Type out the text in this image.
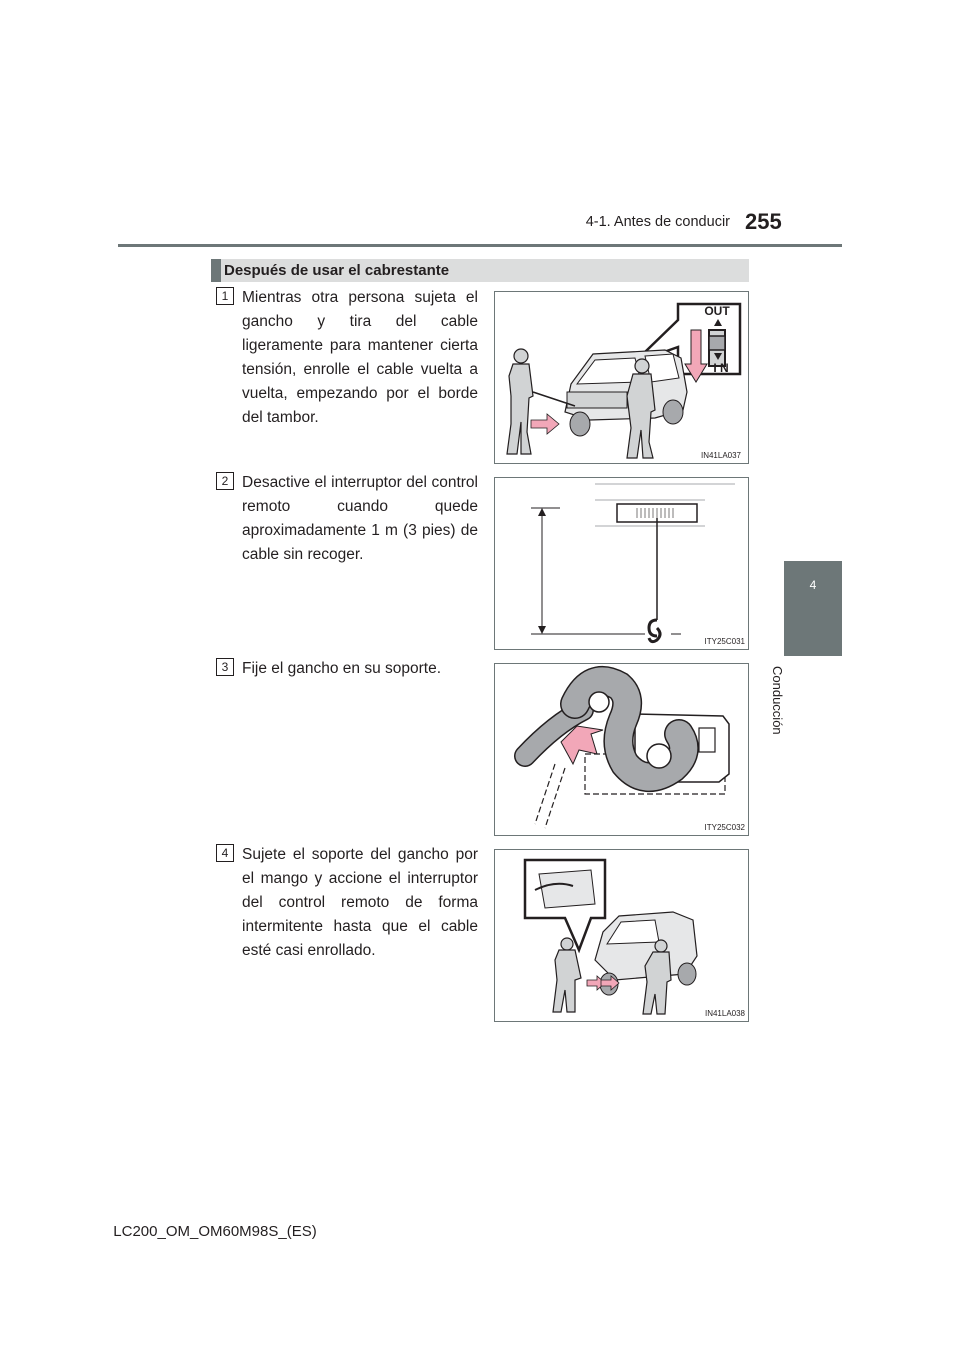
4-1. Antes de conducir 255
4
Conducción
Después de usar el cabrestante
1 Mientras otra persona sujeta el gancho y tira del cable ligeramente para mantener cierta tensión, enrolle el cable vuelta a vuelta, empezando por el borde del tambor.
OUT
I N
IN41LA037
2 Desactive el interruptor del control remoto cuando quede aproximadamente 1 m (3 pies) de cable sin recoger.
ITY25C031
3 Fije el gancho en su soporte.
ITY25C032
4 Sujete el soporte del gancho por el mango y accione el interruptor del control remoto de forma intermitente hasta que el cable esté casi enrollado.
IN41LA038
LC200_OM_OM60M98S_(ES)
